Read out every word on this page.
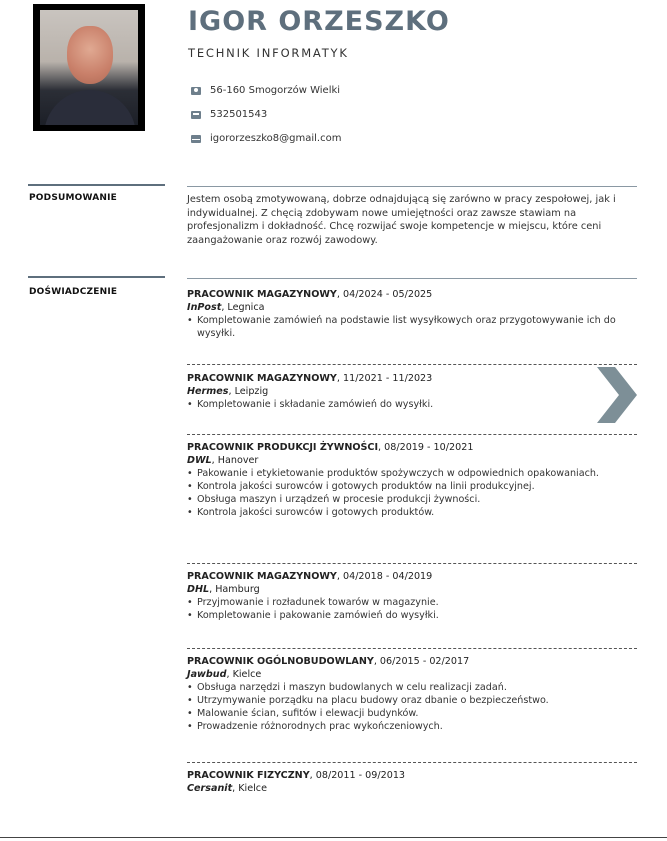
IGOR ORZESZKO
TECHNIK INFORMATYK
56-160 Smogorzów Wielki
532501543
igororzeszko8@gmail.com
PODSUMOWANIE	Jestem osobą zmotywowaną, dobrze odnajdującą się zarówno w pracy zespołowej, jak i indywidualnej. Z chęcią zdobywam nowe umiejętności oraz zawsze stawiam na profesjonalizm i dokładność. Chcę rozwijać swoje kompetencje w miejscu, które ceni zaangażowanie oraz rozwój zawodowy.

DOŚWIADCZENIE	PRACOWNIK MAGAZYNOWY, 04/2024 - 05/2025
InPost, Legnica
• Kompletowanie zamówień na podstawie list wysyłkowych oraz przygotowywanie ich do wysyłki.
PRACOWNIK MAGAZYNOWY, 11/2021 - 11/2023
Hermes, Leipzig
• Kompletowanie i składanie zamówień do wysyłki.
PRACOWNIK PRODUKCJI ŻYWNOŚCI, 08/2019 - 10/2021
DWL, Hanover
• Pakowanie i etykietowanie produktów spożywczych w odpowiednich opakowaniach.
• Kontrola jakości surowców i gotowych produktów na linii produkcyjnej.
• Obsługa maszyn i urządzeń w procesie produkcji żywności.
• Kontrola jakości surowców i gotowych produktów.
PRACOWNIK MAGAZYNOWY, 04/2018 - 04/2019
DHL, Hamburg
• Przyjmowanie i rozładunek towarów w magazynie.
• Kompletowanie i pakowanie zamówień do wysyłki.
PRACOWNIK OGÓLNOBUDOWLANY, 06/2015 - 02/2017
Jawbud, Kielce
• Obsługa narzędzi i maszyn budowlanych w celu realizacji zadań.
• Utrzymywanie porządku na placu budowy oraz dbanie o bezpieczeństwo.
• Malowanie ścian, sufitów i elewacji budynków.
• Prowadzenie różnorodnych prac wykończeniowych.
PRACOWNIK FIZYCZNY, 08/2011 - 09/2013
Cersanit, Kielce
